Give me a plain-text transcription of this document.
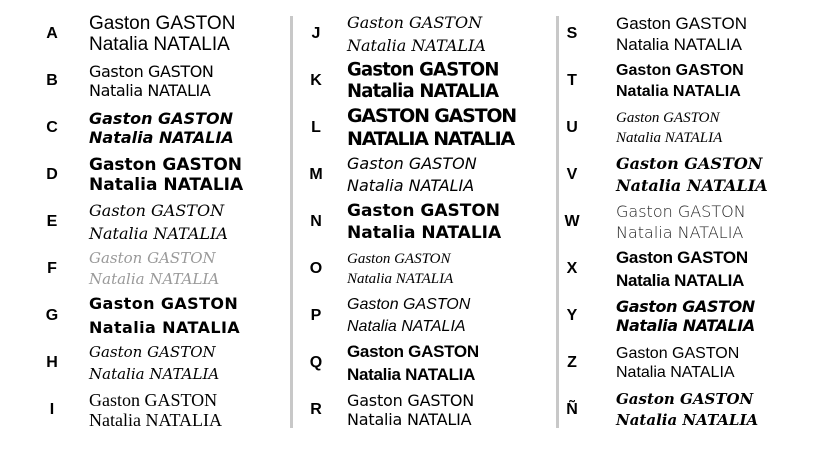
A Gaston GASTON
Natalia NATALIA
B Gaston GASTON
Natalia NATALIA
C Gaston GASTON
Natalia NATALIA
D Gaston GASTON
Natalia NATALIA
E
Gaston GASTON
Natalia NATALIA
F
Gaston GASTON
Natalia NATALIA
G
Gaston GASTON
Natalia NATALIA
H
Gaston GASTON
Natalia NATALIA
I	Gaston GASTON
Natalia NATALIA
J
Gaston GASTON
Natalia NATALIA
K Gaston GASTON
Natalia NATALIA
L
GASTON GASTON
NATALIA NATALIA
M
Gaston GASTON
Natalia NATALIA
N
Gaston GASTON
Natalia NATALIA
O
Gaston GASTON
Natalia NATALIA
P
Gaston GASTON
Natalia NATALIA
Q
Gaston GASTON
Natalia NATALIA
R Gaston GASTON
Natalia NATALIA
S
Gaston GASTON
Natalia NATALIA
T
Gaston GASTON
Natalia NATALIA
U
Gaston GASTON
Natalia NATALIA
V
Gaston GASTON
Natalia NATALIA
W
Gaston GASTON
Natalia NATALIA
X
Gaston GASTON
Natalia NATALIA
Y Gaston GASTON
Natalia NATALIA
Z
Gaston GASTON
Natalia NATALIA
Ñ
Gaston GASTON
Natalia NATALIA
